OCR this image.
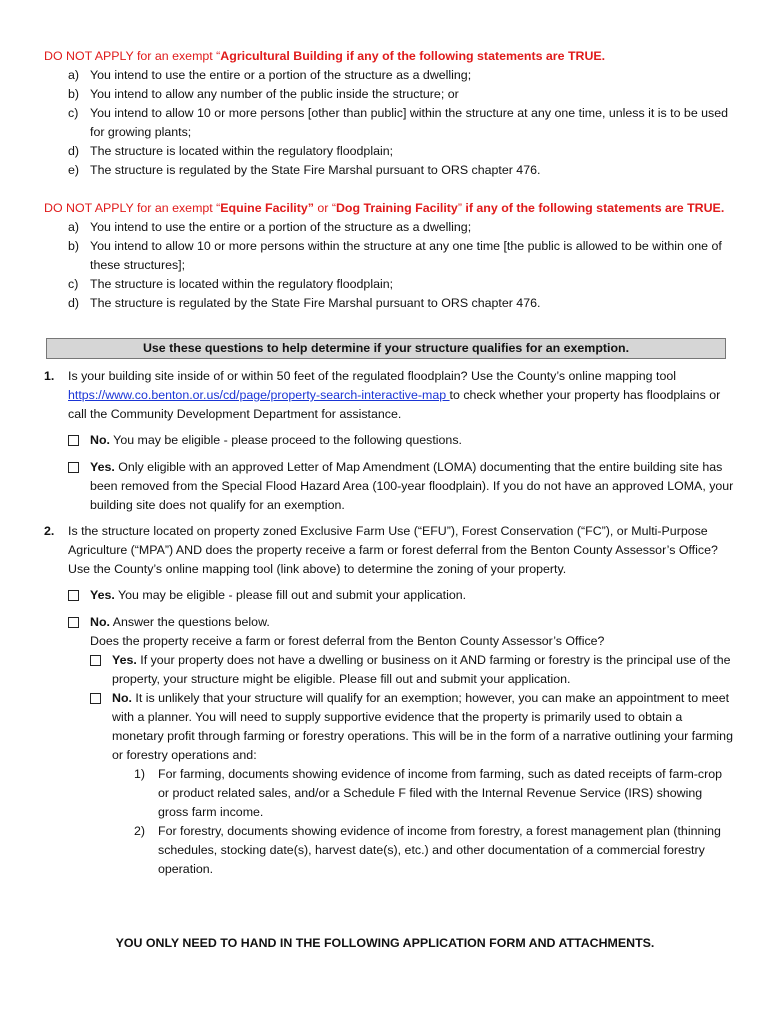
DO NOT APPLY for an exempt “Agricultural Building if any of the following statements are TRUE.
a) You intend to use the entire or a portion of the structure as a dwelling;
b) You intend to allow any number of the public inside the structure; or
c) You intend to allow 10 or more persons [other than public] within the structure at any one time, unless it is to be used for growing plants;
d) The structure is located within the regulatory floodplain;
e) The structure is regulated by the State Fire Marshal pursuant to ORS chapter 476.
DO NOT APPLY for an exempt “Equine Facility” or “Dog Training Facility” if any of the following statements are TRUE.
a) You intend to use the entire or a portion of the structure as a dwelling;
b) You intend to allow 10 or more persons within the structure at any one time [the public is allowed to be within one of these structures];
c) The structure is located within the regulatory floodplain;
d) The structure is regulated by the State Fire Marshal pursuant to ORS chapter 476.
Use these questions to help determine if your structure qualifies for an exemption.
1. Is your building site inside of or within 50 feet of the regulated floodplain? Use the County’s online mapping tool https://www.co.benton.or.us/cd/page/property-search-interactive-map to check whether your property has floodplains or call the Community Development Department for assistance.
No. You may be eligible - please proceed to the following questions.
Yes. Only eligible with an approved Letter of Map Amendment (LOMA) documenting that the entire building site has been removed from the Special Flood Hazard Area (100-year floodplain). If you do not have an approved LOMA, your building site does not qualify for an exemption.
2. Is the structure located on property zoned Exclusive Farm Use (“EFU”), Forest Conservation (“FC”), or Multi-Purpose Agriculture (“MPA”) AND does the property receive a farm or forest deferral from the Benton County Assessor’s Office? Use the County’s online mapping tool (link above) to determine the zoning of your property.
Yes. You may be eligible - please fill out and submit your application.
No. Answer the questions below.
Does the property receive a farm or forest deferral from the Benton County Assessor’s Office?
Yes. If your property does not have a dwelling or business on it AND farming or forestry is the principal use of the property, your structure might be eligible. Please fill out and submit your application.
No. It is unlikely that your structure will qualify for an exemption; however, you can make an appointment to meet with a planner. You will need to supply supportive evidence that the property is primarily used to obtain a monetary profit through farming or forestry operations. This will be in the form of a narrative outlining your farming or forestry operations and:
1) For farming, documents showing evidence of income from farming, such as dated receipts of farm-crop or product related sales, and/or a Schedule F filed with the Internal Revenue Service (IRS) showing gross farm income.
2) For forestry, documents showing evidence of income from forestry, a forest management plan (thinning schedules, stocking date(s), harvest date(s), etc.) and other documentation of a commercial forestry operation.
YOU ONLY NEED TO HAND IN THE FOLLOWING APPLICATION FORM AND ATTACHMENTS.
